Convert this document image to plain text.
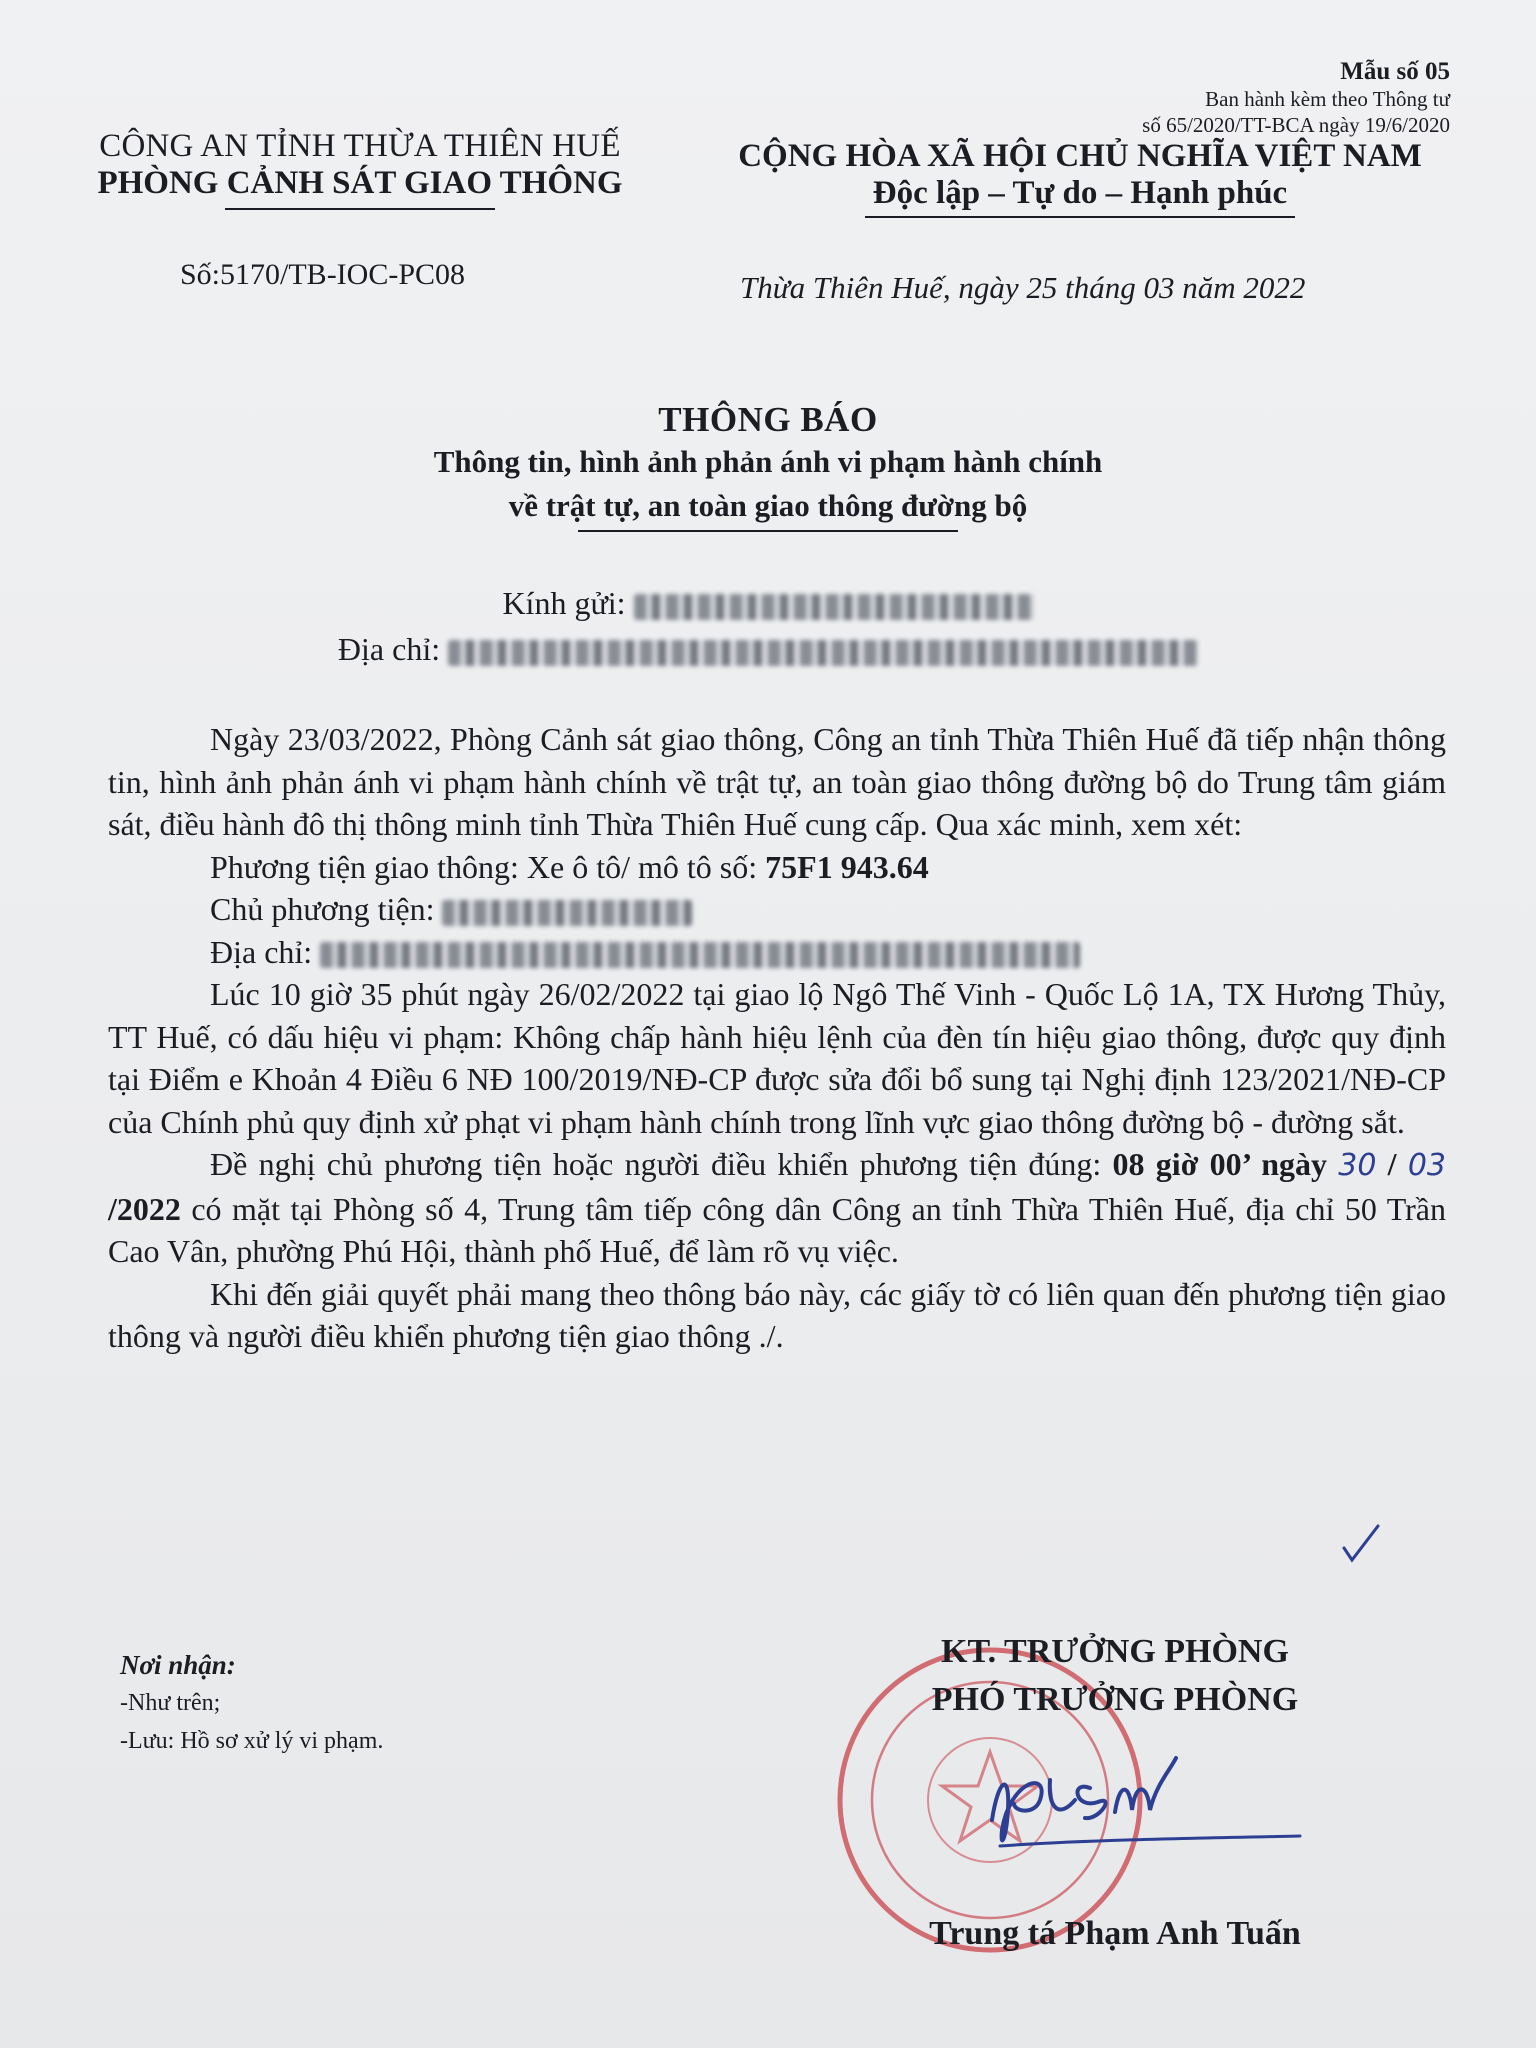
Mẫu số 05
Ban hành kèm theo Thông tư
số 65/2020/TT-BCA ngày 19/6/2020
CÔNG AN TỈNH THỪA THIÊN HUẾ
PHÒNG CẢNH SÁT GIAO THÔNG
CỘNG HÒA XÃ HỘI CHỦ NGHĨA VIỆT NAM
Độc lập – Tự do – Hạnh phúc
Số:5170/TB-IOC-PC08	Thừa Thiên Huế, ngày 25 tháng 03 năm 2022
THÔNG BÁO
Thông tin, hình ảnh phản ánh vi phạm hành chính
về trật tự, an toàn giao thông đường bộ
Kính gửi:
Địa chỉ:

Ngày 23/03/2022, Phòng Cảnh sát giao thông, Công an tỉnh Thừa Thiên Huế đã tiếp nhận thông tin, hình ảnh phản ánh vi phạm hành chính về trật tự, an toàn giao thông đường bộ do Trung tâm giám sát, điều hành đô thị thông minh tỉnh Thừa Thiên Huế cung cấp. Qua xác minh, xem xét:

Phương tiện giao thông: Xe ô tô/ mô tô số: 75F1 943.64

Chủ phương tiện:

Địa chỉ:

Lúc 10 giờ 35 phút ngày 26/02/2022 tại giao lộ Ngô Thế Vinh - Quốc Lộ 1A, TX Hương Thủy, TT Huế, có dấu hiệu vi phạm: Không chấp hành hiệu lệnh của đèn tín hiệu giao thông, được quy định tại Điểm e Khoản 4 Điều 6 NĐ 100/2019/NĐ-CP được sửa đổi bổ sung tại Nghị định 123/2021/NĐ-CP của Chính phủ quy định xử phạt vi phạm hành chính trong lĩnh vực giao thông đường bộ - đường sắt.

Đề nghị chủ phương tiện hoặc người điều khiển phương tiện đúng: 08 giờ 00’ ngày 30 / 03 /2022 có mặt tại Phòng số 4, Trung tâm tiếp công dân Công an tỉnh Thừa Thiên Huế, địa chỉ 50 Trần Cao Vân, phường Phú Hội, thành phố Huế, để làm rõ vụ việc.

Khi đến giải quyết phải mang theo thông báo này, các giấy tờ có liên quan đến phương tiện giao thông và người điều khiển phương tiện giao thông ./.

Nơi nhận:
-Như trên;
-Lưu: Hồ sơ xử lý vi phạm.
KT. TRƯỞNG PHÒNG
PHÓ TRƯỞNG PHÒNG
Trung tá Phạm Anh Tuấn
